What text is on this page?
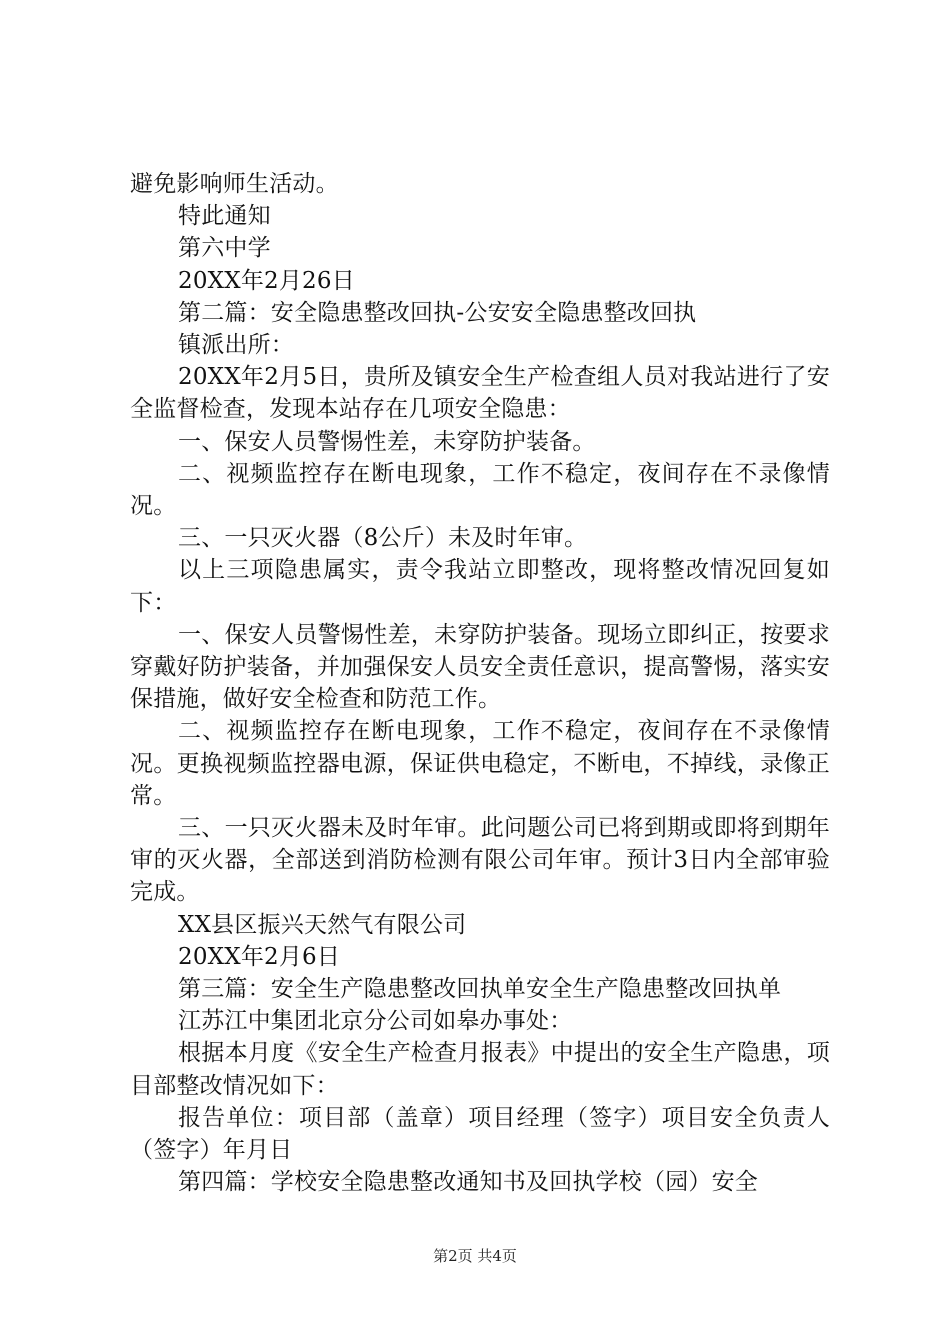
避免影响师生活动。

特此通知

第六中学

20XX年2月26日

第二篇：安全隐患整改回执-公安安全隐患整改回执

镇派出所：

20XX年2月5日，贵所及镇安全生产检查组人员对我站进行了安全监督检查，发现本站存在几项安全隐患：

一、保安人员警惕性差，未穿防护装备。

二、视频监控存在断电现象，工作不稳定，夜间存在不录像情况。

三、一只灭火器（8公斤）未及时年审。

以上三项隐患属实，责令我站立即整改，现将整改情况回复如下：

一、保安人员警惕性差，未穿防护装备。现场立即纠正，按要求穿戴好防护装备，并加强保安人员安全责任意识，提高警惕，落实安保措施，做好安全检查和防范工作。

二、视频监控存在断电现象，工作不稳定，夜间存在不录像情况。更换视频监控器电源，保证供电稳定，不断电，不掉线，录像正常。

三、一只灭火器未及时年审。此问题公司已将到期或即将到期年审的灭火器，全部送到消防检测有限公司年审。预计3日内全部审验完成。

XX县区振兴天然气有限公司

20XX年2月6日

第三篇：安全生产隐患整改回执单安全生产隐患整改回执单

江苏江中集团北京分公司如皋办事处：

根据本月度《安全生产检查月报表》中提出的安全生产隐患，项目部整改情况如下：

报告单位：项目部（盖章）项目经理（签字）项目安全负责人（签字）年月日

第四篇：学校安全隐患整改通知书及回执学校（园）安全

第2页 共4页
